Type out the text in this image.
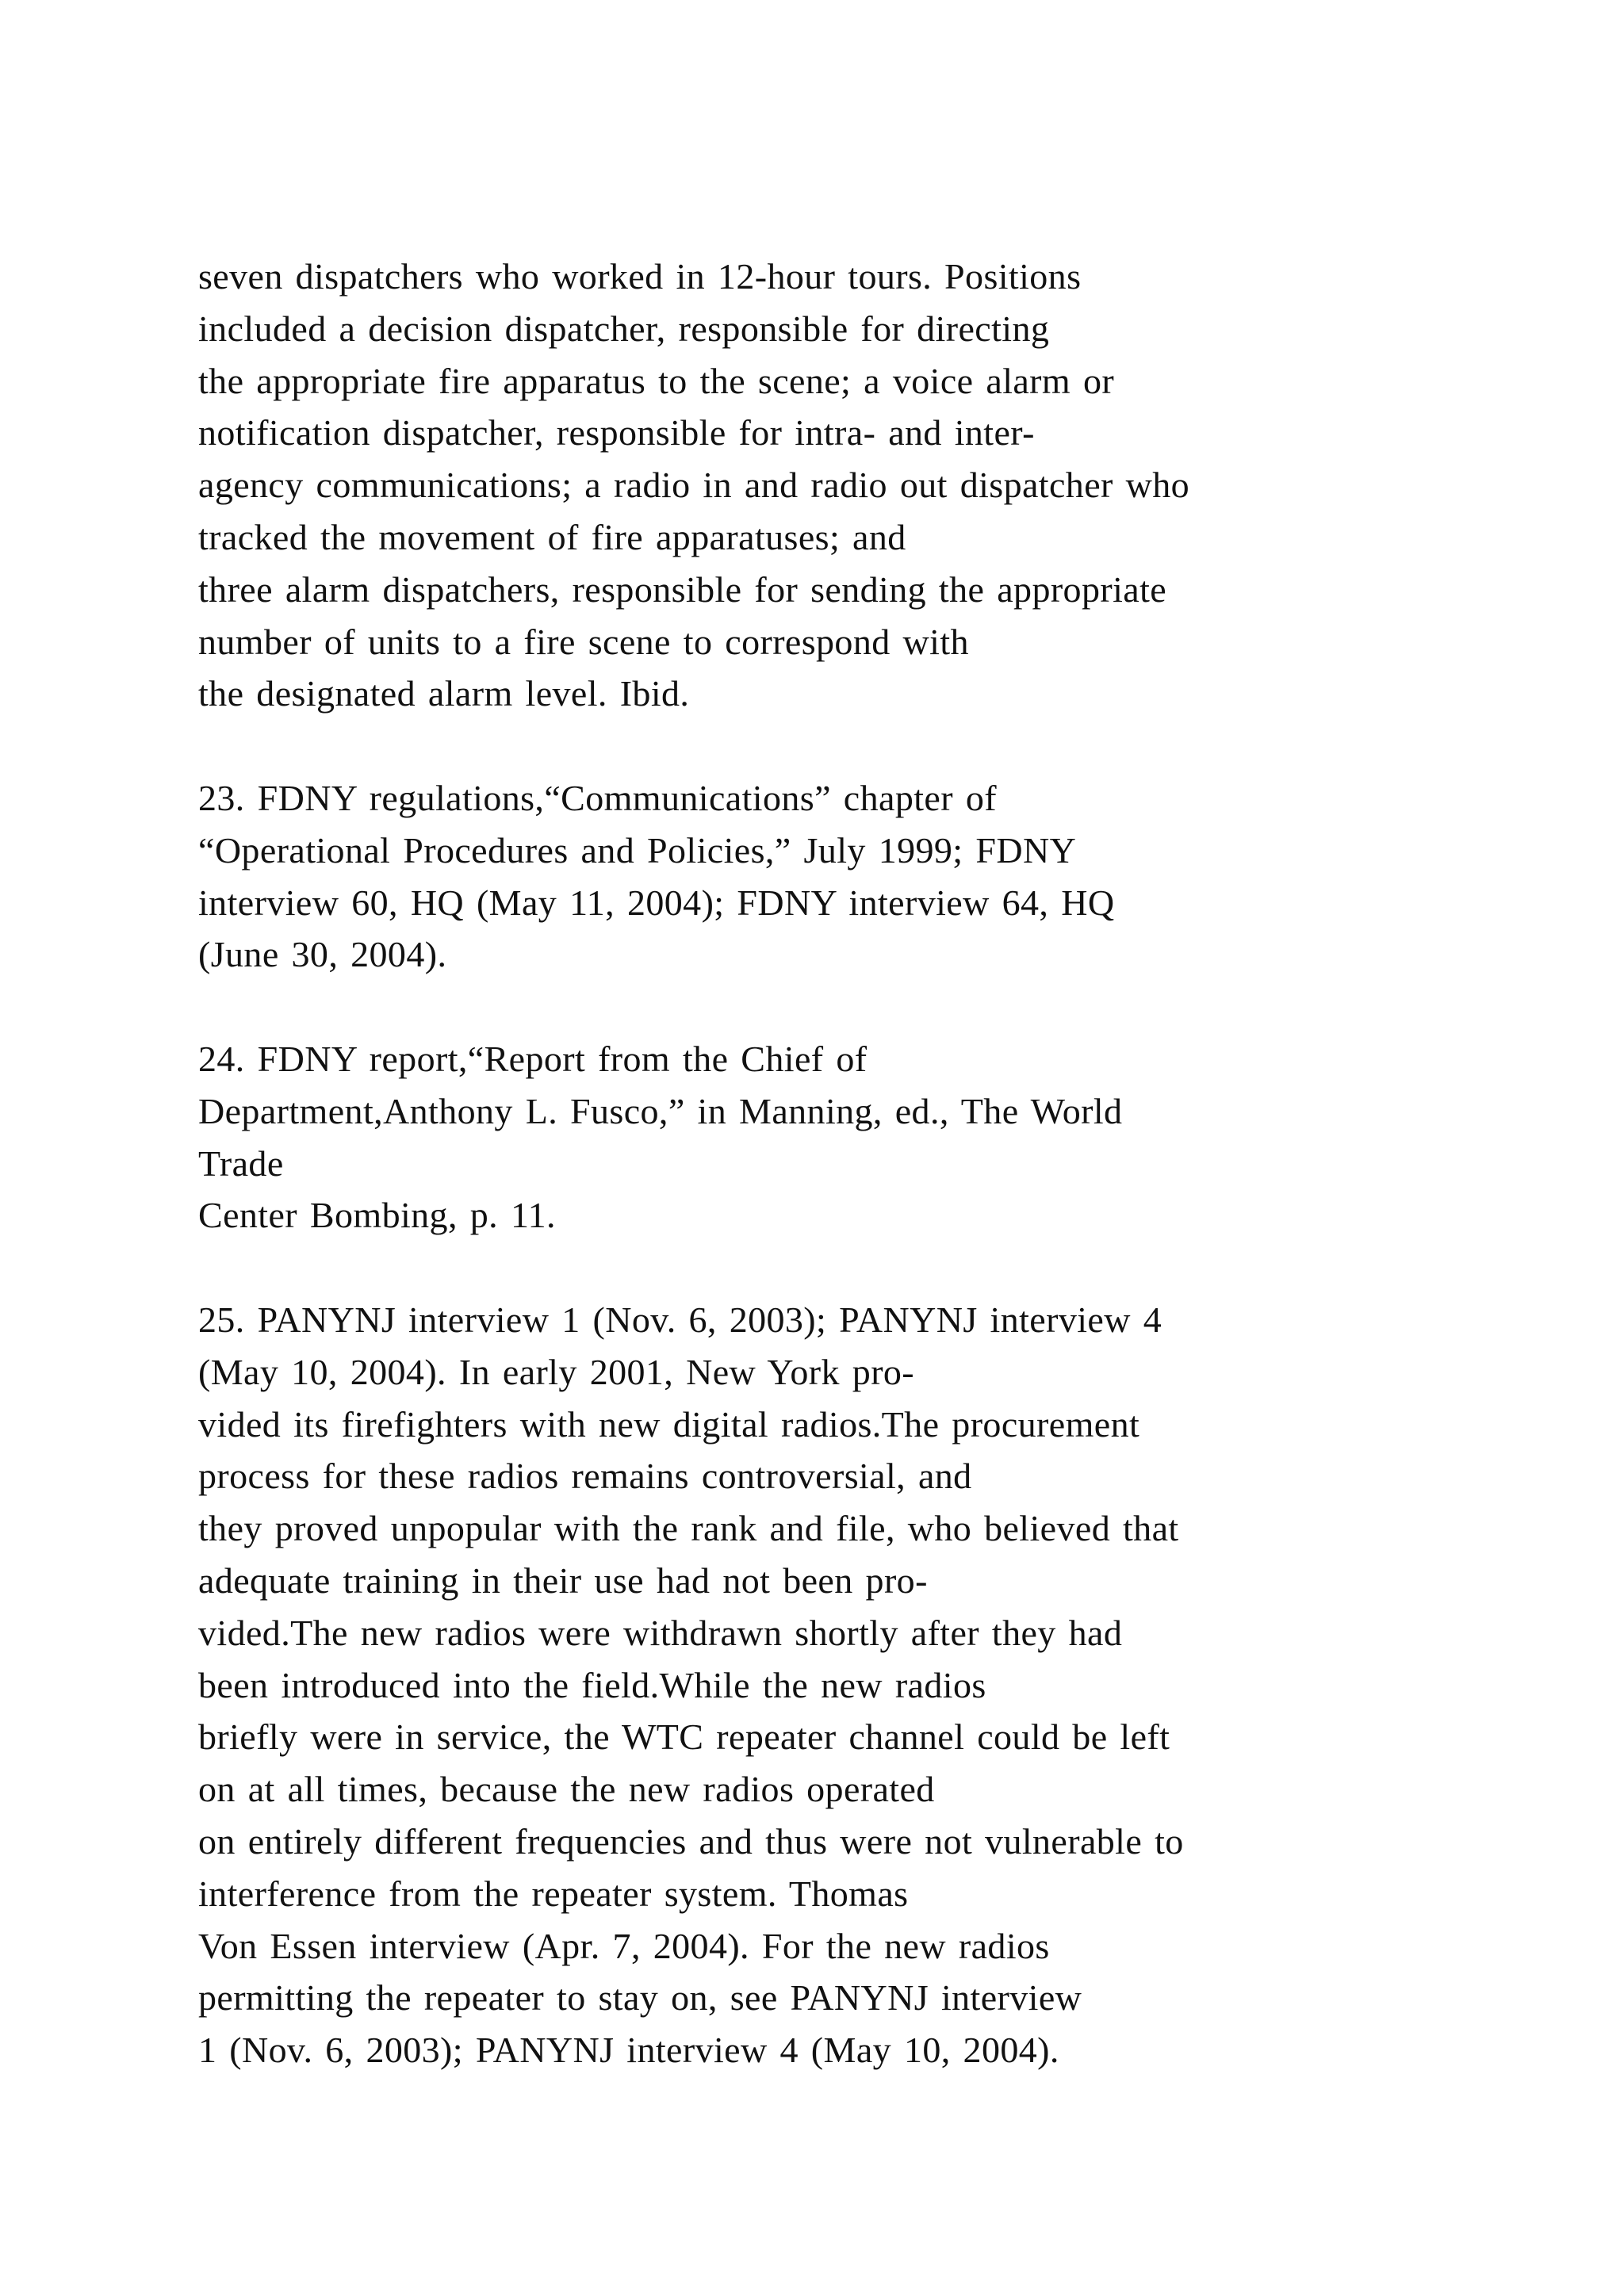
seven dispatchers who worked in 12-hour tours. Positions
included a decision dispatcher, responsible for directing
the appropriate fire apparatus to the scene; a voice alarm or
notification dispatcher, responsible for intra- and inter-
agency communications; a radio in and radio out dispatcher who
tracked the movement of fire apparatuses; and
three alarm dispatchers, responsible for sending the appropriate
number of units to a fire scene to correspond with
the designated alarm level. Ibid.

23. FDNY regulations,“Communications” chapter of
“Operational Procedures and Policies,” July 1999; FDNY
interview 60, HQ (May 11, 2004); FDNY interview 64, HQ
(June 30, 2004).

24. FDNY report,“Report from the Chief of
Department,Anthony L. Fusco,” in Manning, ed., The World
Trade
Center Bombing, p. 11.

25. PANYNJ interview 1 (Nov. 6, 2003); PANYNJ interview 4
(May 10, 2004). In early 2001, New York pro-
vided its firefighters with new digital radios.The procurement
process for these radios remains controversial, and
they proved unpopular with the rank and file, who believed that
adequate training in their use had not been pro-
vided.The new radios were withdrawn shortly after they had
been introduced into the field.While the new radios
briefly were in service, the WTC repeater channel could be left
on at all times, because the new radios operated
on entirely different frequencies and thus were not vulnerable to
interference from the repeater system. Thomas
Von Essen interview (Apr. 7, 2004). For the new radios
permitting the repeater to stay on, see PANYNJ interview
1 (Nov. 6, 2003); PANYNJ interview 4 (May 10, 2004).
